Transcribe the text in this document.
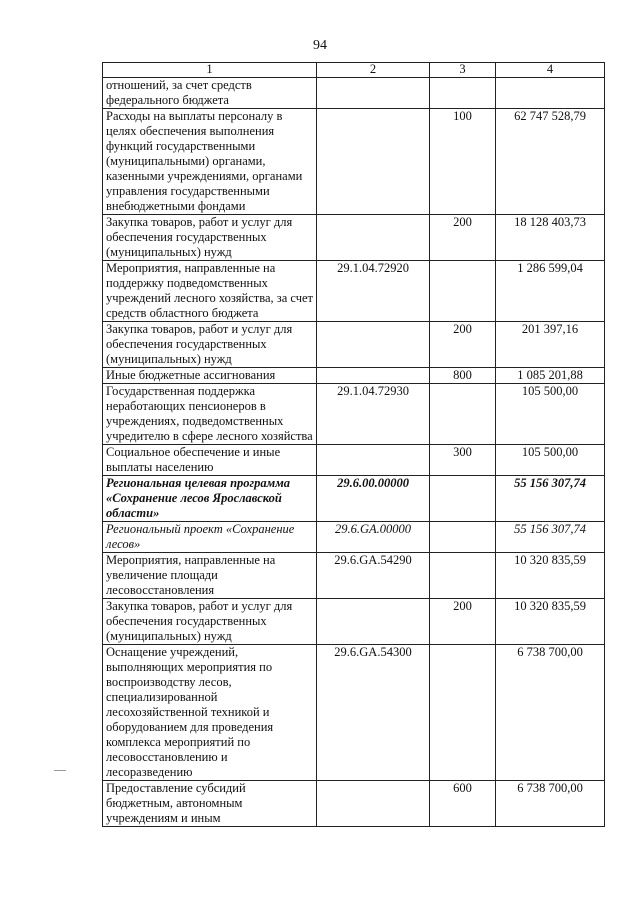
94
1	2	3	4
отношений, за счет средств федерального бюджета			
Расходы на выплаты персоналу в целях обеспечения выполнения функций государственными (муниципальными) органами, казенными учреждениями, органами управления государственными внебюджетными фондами		100	62 747 528,79
Закупка товаров, работ и услуг для обеспечения государственных (муниципальных) нужд		200	18 128 403,73
Мероприятия, направленные на поддержку подведомственных учреждений лесного хозяйства, за счет средств областного бюджета	29.1.04.72920		1 286 599,04
Закупка товаров, работ и услуг для обеспечения государственных (муниципальных) нужд		200	201 397,16
Иные бюджетные ассигнования		800	1 085 201,88
Государственная поддержка неработающих пенсионеров в учреждениях, подведомственных учредителю в сфере лесного хозяйства	29.1.04.72930		105 500,00
Социальное обеспечение и иные выплаты населению		300	105 500,00
Региональная целевая программа «Сохранение лесов Ярославской области»	29.6.00.00000		55 156 307,74
Региональный проект «Сохранение лесов»	29.6.GA.00000		55 156 307,74
Мероприятия, направленные на увеличение площади лесовосстановления	29.6.GA.54290		10 320 835,59
Закупка товаров, работ и услуг для обеспечения государственных (муниципальных) нужд		200	10 320 835,59
Оснащение учреждений, выполняющих мероприятия по воспроизводству лесов, специализированной лесохозяйственной техникой и оборудованием для проведения комплекса мероприятий по лесовосстановлению и лесоразведению	29.6.GA.54300		6 738 700,00
Предоставление субсидий бюджетным, автономным учреждениям и иным		600	6 738 700,00
